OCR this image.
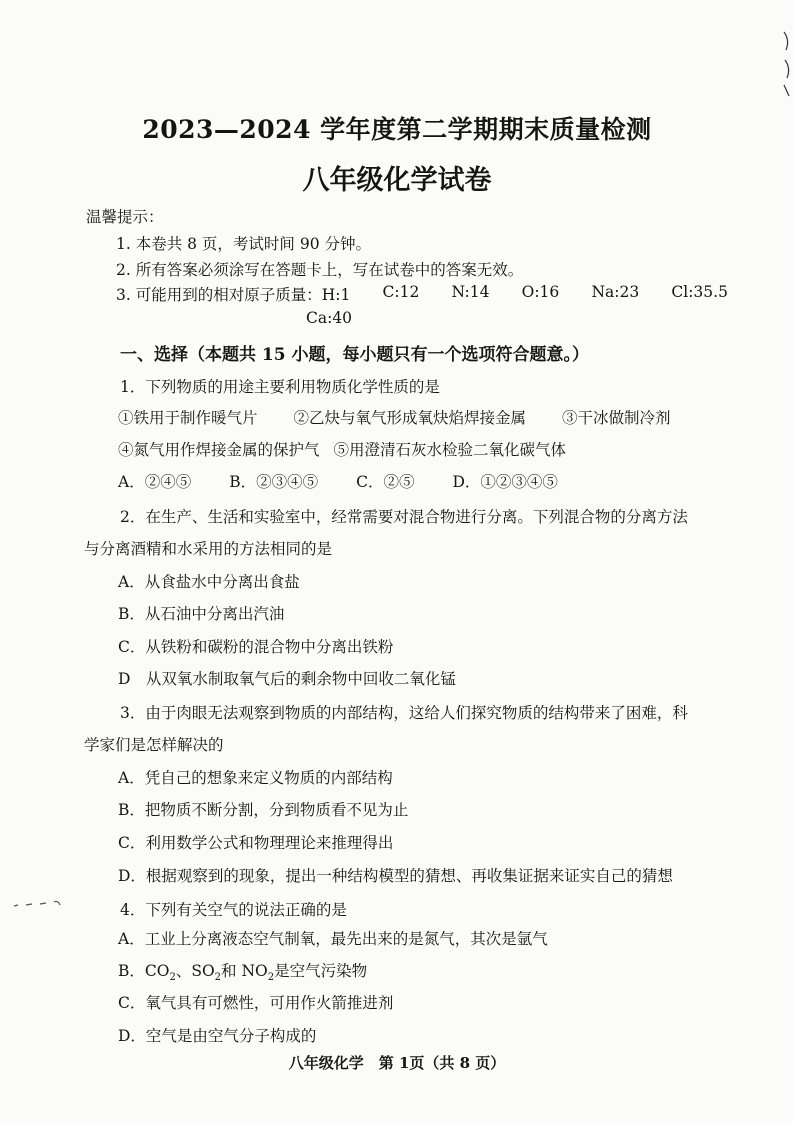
2023—2024 学年度第二学期期末质量检测
八年级化学试卷
温馨提示：
1. 本卷共 8 页，考试时间 90 分钟。
2. 所有答案必须涂写在答题卡上，写在试卷中的答案无效。
3. 可能用到的相对原子质量：H:1 C:12 N:14 O:16 Na:23 Cl:35.5
Ca:40
一、选择（本题共 15 小题，每小题只有一个选项符合题意。）
1．下列物质的用途主要利用物质化学性质的是
①铁用于制作暖气片 ②乙炔与氧气形成氧炔焰焊接金属 ③干冰做制冷剂
④氮气用作焊接金属的保护气 ⑤用澄清石灰水检验二氧化碳气体
A．②④⑤ B．②③④⑤ C．②⑤ D．①②③④⑤
2．在生产、生活和实验室中，经常需要对混合物进行分离。下列混合物的分离方法
与分离酒精和水采用的方法相同的是
A．从食盐水中分离出食盐
B．从石油中分离出汽油
C．从铁粉和碳粉的混合物中分离出铁粉
D　从双氧水制取氧气后的剩余物中回收二氧化锰
3．由于肉眼无法观察到物质的内部结构，这给人们探究物质的结构带来了困难，科
学家们是怎样解决的
A．凭自己的想象来定义物质的内部结构
B．把物质不断分割，分到物质看不见为止
C．利用数学公式和物理理论来推理得出
D．根据观察到的现象，提出一种结构模型的猜想、再收集证据来证实自己的猜想
4．下列有关空气的说法正确的是
A．工业上分离液态空气制氧，最先出来的是氮气，其次是氩气
B．$CO_2$、$SO_2$和 $NO_2$是空气污染物
C．氧气具有可燃性，可用作火箭推进剂
D．空气是由空气分子构成的
八年级化学　第 1页（共 8 页）
